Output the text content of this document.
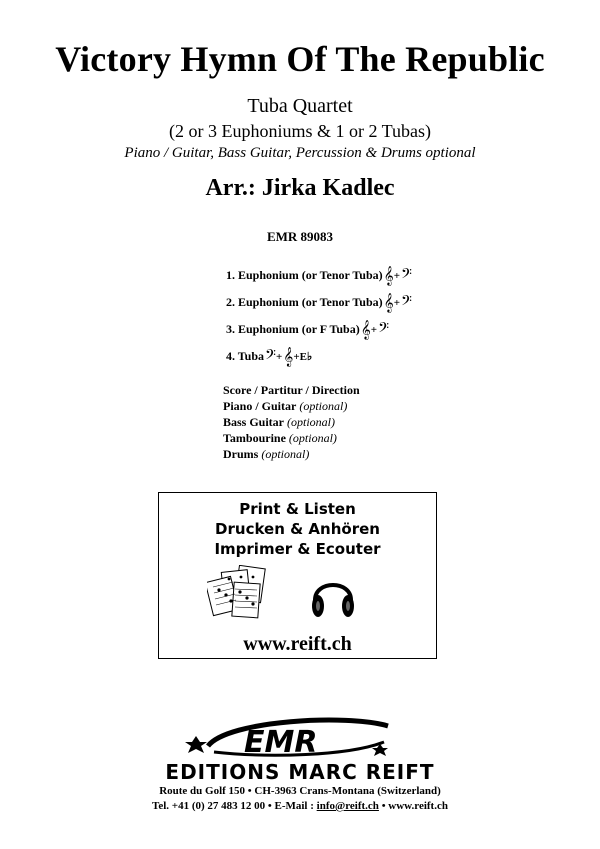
Victory Hymn Of The Republic
Tuba Quartet
(2 or 3 Euphoniums & 1 or 2 Tubas)
Piano / Guitar, Bass Guitar, Percussion & Drums optional
Arr.: Jirka Kadlec
EMR 89083
1. Euphonium (or Tenor Tuba) 𝄞 + 𝄢
2. Euphonium (or Tenor Tuba) 𝄞 + 𝄢
3. Euphonium (or F Tuba) 𝄞 + 𝄢
4. Tuba 𝄢 + 𝄞 + E♭
Score / Partitur / Direction
Piano / Guitar (optional)
Bass Guitar (optional)
Tambourine (optional)
Drums (optional)
Print & Listen
Drucken & Anhören
Imprimer & Ecouter
www.reift.ch
EMR
EDITIONS MARC REIFT
Route du Golf 150 • CH-3963 Crans-Montana (Switzerland)
Tel. +41 (0) 27 483 12 00 • E-Mail : info@reift.ch • www.reift.ch
